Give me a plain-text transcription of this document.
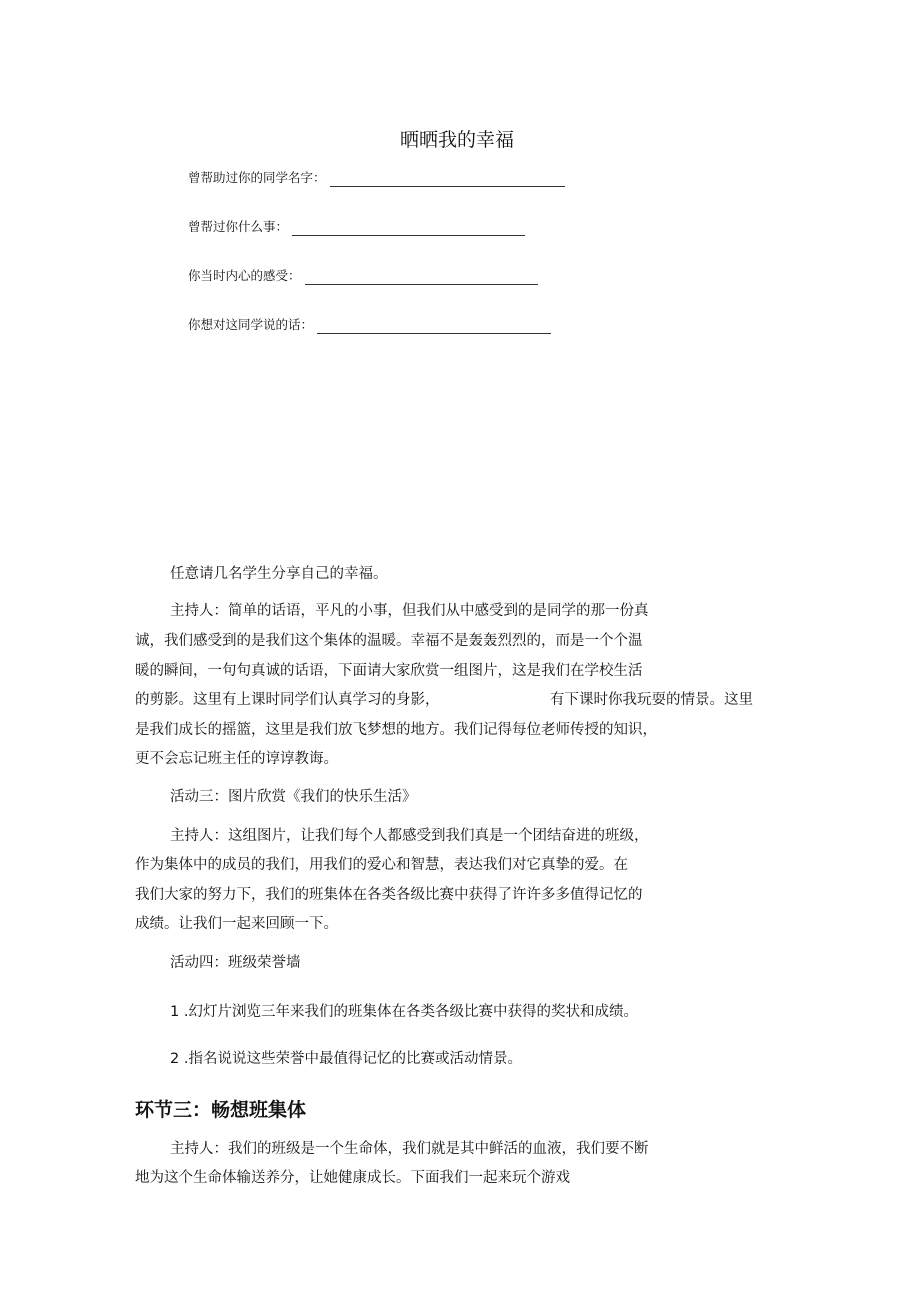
晒晒我的幸福
曾帮助过你的同学名字：
曾帮过你什么事：
你当时内心的感受：
你想对这同学说的话：
任意请几名学生分享自己的幸福。
主持人：简单的话语，平凡的小事，但我们从中感受到的是同学的那一份真
诚，我们感受到的是我们这个集体的温暖。幸福不是轰轰烈烈的，而是一个个温
暖的瞬间，一句句真诚的话语，下面请大家欣赏一组图片，这是我们在学校生活
的剪影。这里有上课时同学们认真学习的身影，	有下课时你我玩耍的情景。这里
是我们成长的摇篮，这里是我们放飞梦想的地方。我们记得每位老师传授的知识，
更不会忘记班主任的谆谆教诲。
活动三：图片欣赏《我们的快乐生活》
主持人：这组图片，让我们每个人都感受到我们真是一个团结奋进的班级，
作为集体中的成员的我们，用我们的爱心和智慧，表达我们对它真挚的爱。在
我们大家的努力下，我们的班集体在各类各级比赛中获得了许许多多值得记忆的
成绩。让我们一起来回顾一下。
活动四：班级荣誉墙
1 .幻灯片浏览三年来我们的班集体在各类各级比赛中获得的奖状和成绩。
2 .指名说说这些荣誉中最值得记忆的比赛或活动情景。
环节三：畅想班集体
主持人：我们的班级是一个生命体，我们就是其中鲜活的血液，我们要不断
地为这个生命体输送养分，让她健康成长。下面我们一起来玩个游戏
